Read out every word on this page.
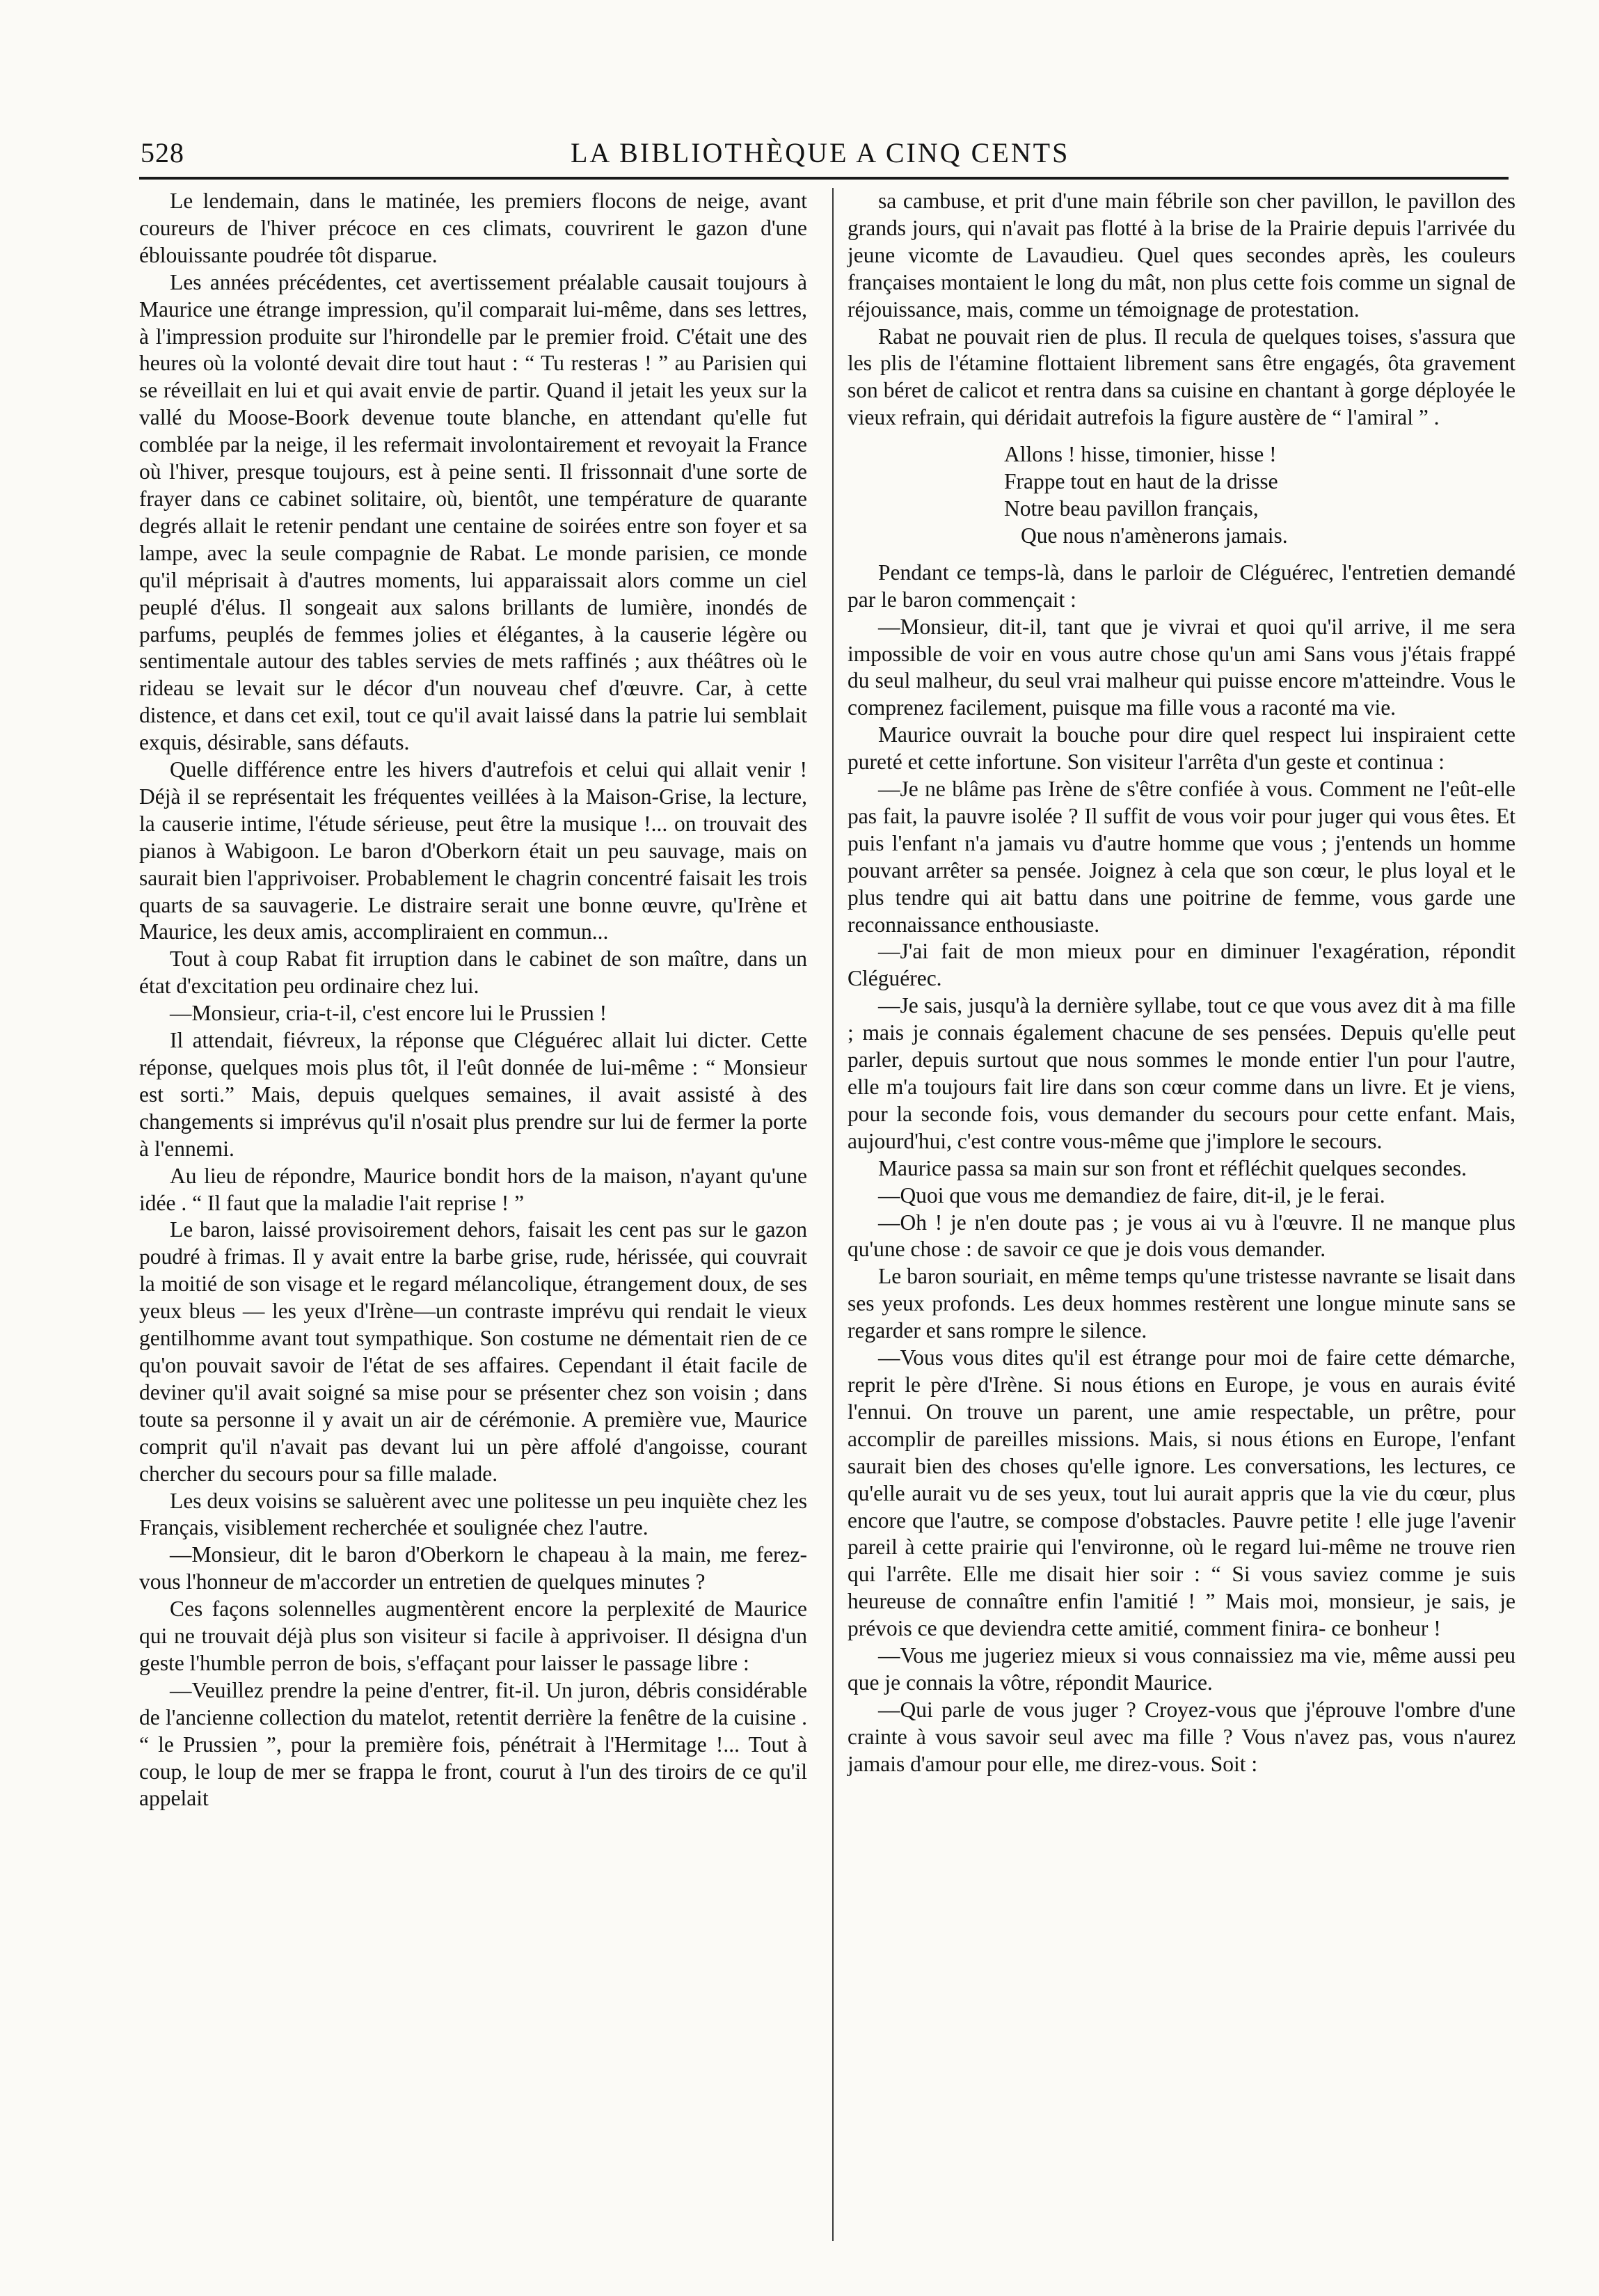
528	LA BIBLIOTHÈQUE A CINQ CENTS

Le lendemain, dans le matinée, les premiers flocons de neige, avant coureurs de l'hiver précoce en ces climats, couvrirent le gazon d'une éblouissante poudrée tôt disparue.

Les années précédentes, cet avertissement préalable causait toujours à Maurice une étrange impression, qu'il comparait lui-même, dans ses lettres, à l'impression produite sur l'hirondelle par le premier froid. C'était une des heures où la volonté devait dire tout haut : “ Tu resteras ! ” au Parisien qui se réveillait en lui et qui avait envie de partir. Quand il jetait les yeux sur la vallé du Moose-Boork devenue toute blanche, en attendant qu'elle fut comblée par la neige, il les refermait involontairement et revoyait la France où l'hiver, presque toujours, est à peine senti. Il frissonnait d'une sorte de frayer dans ce cabinet solitaire, où, bientôt, une température de quarante degrés allait le retenir pendant une centaine de soirées entre son foyer et sa lampe, avec la seule compagnie de Rabat. Le monde parisien, ce monde qu'il méprisait à d'autres moments, lui apparaissait alors comme un ciel peuplé d'élus. Il songeait aux salons brillants de lumière, inondés de parfums, peuplés de femmes jolies et élégantes, à la causerie légère ou sentimentale autour des tables servies de mets raffinés ; aux théâtres où le rideau se levait sur le décor d'un nouveau chef d'œuvre. Car, à cette distence, et dans cet exil, tout ce qu'il avait laissé dans la patrie lui semblait exquis, désirable, sans défauts.

Quelle différence entre les hivers d'autrefois et celui qui allait venir ! Déjà il se représentait les fréquentes veillées à la Maison-Grise, la lecture, la causerie intime, l'étude sérieuse, peut être la musique !... on trouvait des pianos à Wabigoon. Le baron d'Oberkorn était un peu sauvage, mais on saurait bien l'apprivoiser. Probablement le chagrin concentré faisait les trois quarts de sa sauvagerie. Le distraire serait une bonne œuvre, qu'Irène et Maurice, les deux amis, accompliraient en commun...

Tout à coup Rabat fit irruption dans le cabinet de son maître, dans un état d'excitation peu ordinaire chez lui.

—Monsieur, cria-t-il, c'est encore lui le Prussien !

Il attendait, fiévreux, la réponse que Cléguérec allait lui dicter. Cette réponse, quelques mois plus tôt, il l'eût donnée de lui-même : “ Monsieur est sorti.” Mais, depuis quelques semaines, il avait assisté à des changements si imprévus qu'il n'osait plus prendre sur lui de fermer la porte à l'ennemi.

Au lieu de répondre, Maurice bondit hors de la maison, n'ayant qu'une idée . “ Il faut que la maladie l'ait reprise ! ”

Le baron, laissé provisoirement dehors, faisait les cent pas sur le gazon poudré à frimas. Il y avait entre la barbe grise, rude, hérissée, qui couvrait la moitié de son visage et le regard mélancolique, étrangement doux, de ses yeux bleus — les yeux d'Irène—un contraste imprévu qui rendait le vieux gentilhomme avant tout sympathique. Son costume ne démentait rien de ce qu'on pouvait savoir de l'état de ses affaires. Cependant il était facile de deviner qu'il avait soigné sa mise pour se présenter chez son voisin ; dans toute sa personne il y avait un air de cérémonie. A première vue, Maurice comprit qu'il n'avait pas devant lui un père affolé d'angoisse, courant chercher du secours pour sa fille malade.

Les deux voisins se saluèrent avec une politesse un peu inquiète chez les Français, visiblement recherchée et soulignée chez l'autre.

—Monsieur, dit le baron d'Oberkorn le chapeau à la main, me ferez-vous l'honneur de m'accorder un entretien de quelques minutes ?

Ces façons solennelles augmentèrent encore la perplexité de Maurice qui ne trouvait déjà plus son visiteur si facile à apprivoiser. Il désigna d'un geste l'humble perron de bois, s'effaçant pour laisser le passage libre :

—Veuillez prendre la peine d'entrer, fit-il. Un juron, débris considérable de l'ancienne collection du matelot, retentit derrière la fenêtre de la cuisine . “ le Prussien ”, pour la première fois, pénétrait à l'Hermitage !... Tout à coup, le loup de mer se frappa le front, courut à l'un des tiroirs de ce qu'il appelait

sa cambuse, et prit d'une main fébrile son cher pavillon, le pavillon des grands jours, qui n'avait pas flotté à la brise de la Prairie depuis l'arrivée du jeune vicomte de Lavaudieu. Quel ques secondes après, les couleurs françaises montaient le long du mât, non plus cette fois comme un signal de réjouissance, mais, comme un témoignage de protestation.

Rabat ne pouvait rien de plus. Il recula de quelques toises, s'assura que les plis de l'étamine flottaient librement sans être engagés, ôta gravement son béret de calicot et rentra dans sa cuisine en chantant à gorge déployée le vieux refrain, qui déridait autrefois la figure austère de “ l'amiral ” .

Allons ! hisse, timonier, hisse !
Frappe tout en haut de la drisse
Notre beau pavillon français,
Que nous n'amènerons jamais.

Pendant ce temps-là, dans le parloir de Cléguérec, l'entretien demandé par le baron commençait :

—Monsieur, dit-il, tant que je vivrai et quoi qu'il arrive, il me sera impossible de voir en vous autre chose qu'un ami Sans vous j'étais frappé du seul malheur, du seul vrai malheur qui puisse encore m'atteindre. Vous le comprenez facilement, puisque ma fille vous a raconté ma vie.

Maurice ouvrait la bouche pour dire quel respect lui inspiraient cette pureté et cette infortune. Son visiteur l'arrêta d'un geste et continua :

—Je ne blâme pas Irène de s'être confiée à vous. Comment ne l'eût-elle pas fait, la pauvre isolée ? Il suffit de vous voir pour juger qui vous êtes. Et puis l'enfant n'a jamais vu d'autre homme que vous ; j'entends un homme pouvant arrêter sa pensée. Joignez à cela que son cœur, le plus loyal et le plus tendre qui ait battu dans une poitrine de femme, vous garde une reconnaissance enthousiaste.

—J'ai fait de mon mieux pour en diminuer l'exagération, répondit Cléguérec.

—Je sais, jusqu'à la dernière syllabe, tout ce que vous avez dit à ma fille ; mais je connais également chacune de ses pensées. Depuis qu'elle peut parler, depuis surtout que nous sommes le monde entier l'un pour l'autre, elle m'a toujours fait lire dans son cœur comme dans un livre. Et je viens, pour la seconde fois, vous demander du secours pour cette enfant. Mais, aujourd'hui, c'est contre vous-même que j'implore le secours.

Maurice passa sa main sur son front et réfléchit quelques secondes.

—Quoi que vous me demandiez de faire, dit-il, je le ferai.

—Oh ! je n'en doute pas ; je vous ai vu à l'œuvre. Il ne manque plus qu'une chose : de savoir ce que je dois vous demander.

Le baron souriait, en même temps qu'une tristesse navrante se lisait dans ses yeux profonds. Les deux hommes restèrent une longue minute sans se regarder et sans rompre le silence.

—Vous vous dites qu'il est étrange pour moi de faire cette démarche, reprit le père d'Irène. Si nous étions en Europe, je vous en aurais évité l'ennui. On trouve un parent, une amie respectable, un prêtre, pour accomplir de pareilles missions. Mais, si nous étions en Europe, l'enfant saurait bien des choses qu'elle ignore. Les conversations, les lectures, ce qu'elle aurait vu de ses yeux, tout lui aurait appris que la vie du cœur, plus encore que l'autre, se compose d'obstacles. Pauvre petite ! elle juge l'avenir pareil à cette prairie qui l'environne, où le regard lui-même ne trouve rien qui l'arrête. Elle me disait hier soir : “ Si vous saviez comme je suis heureuse de connaître enfin l'amitié ! ” Mais moi, monsieur, je sais, je prévois ce que deviendra cette amitié, comment finira- ce bonheur !

—Vous me jugeriez mieux si vous connaissiez ma vie, même aussi peu que je connais la vôtre, répondit Maurice.

—Qui parle de vous juger ? Croyez-vous que j'éprouve l'ombre d'une crainte à vous savoir seul avec ma fille ? Vous n'avez pas, vous n'aurez jamais d'amour pour elle, me direz-vous. Soit :
